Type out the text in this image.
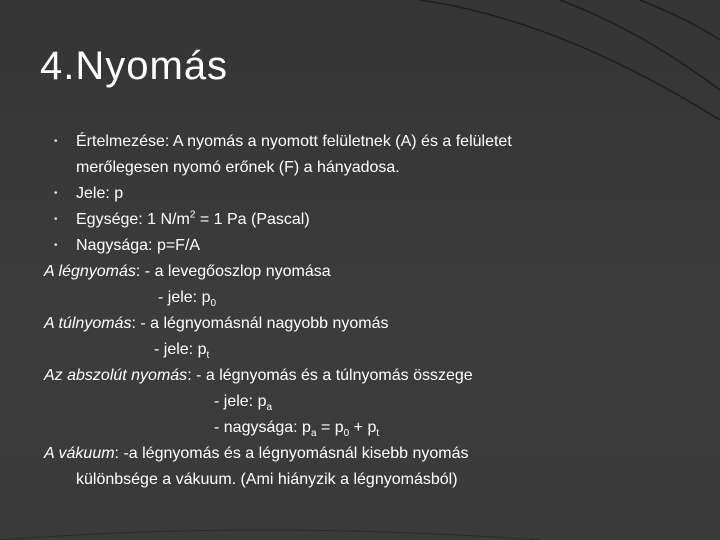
4.Nyomás
• Értelmezése: A nyomás a nyomott felületnek (A) és a felületet
merőlegesen nyomó erőnek (F) a hányadosa.
• Jele: p
• Egysége: 1 $N/m^2 = 1$ Pa (Pascal)
• Nagysága: p=F/A
A légnyomás: - a levegőoszlop nyomása
- jele: $p_0$
A túlnyomás: - a légnyomásnál nagyobb nyomás
- jele: $p_t$
Az abszolút nyomás: - a légnyomás és a túlnyomás összege
- jele: $p_a$
- nagysága: $p_a = p_0 + p_t$
A vákuum: -a légnyomás és a légnyomásnál kisebb nyomás
különbsége a vákuum. (Ami hiányzik a légnyomásból)
